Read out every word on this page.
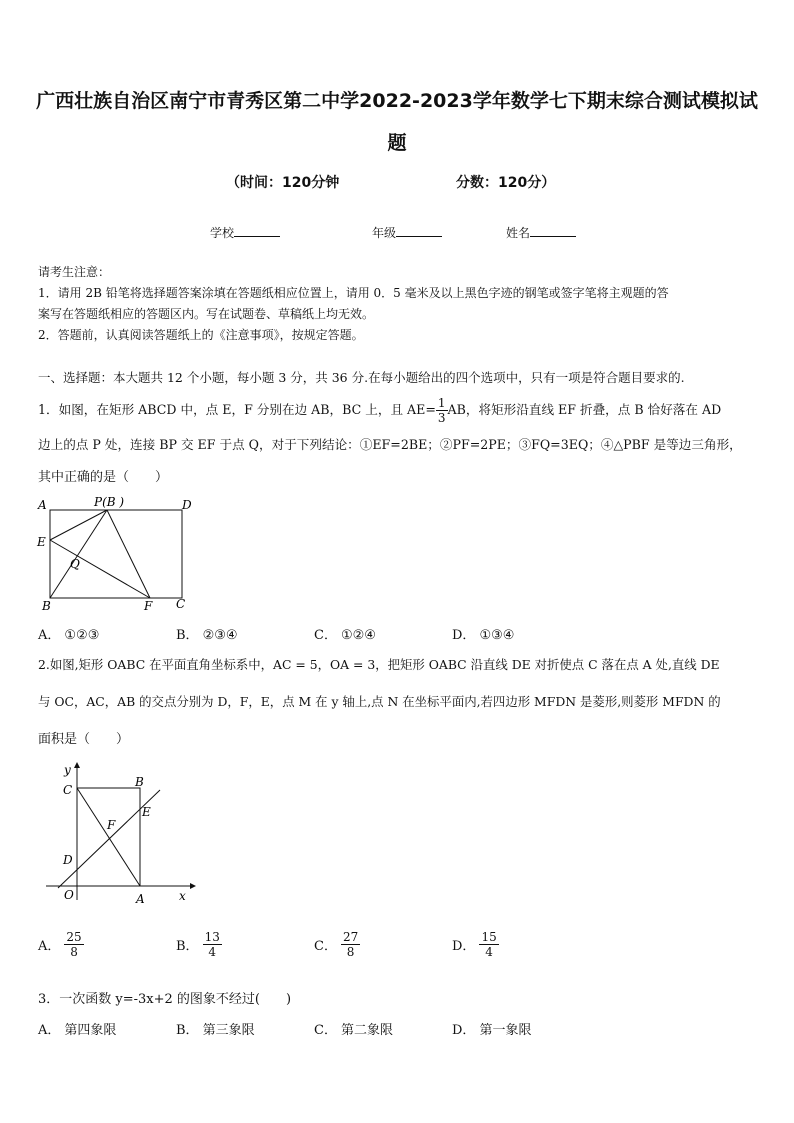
广西壮族自治区南宁市青秀区第二中学2022-2023学年数学七下期末综合测试模拟试
题
（时间：120分钟	分数：120分）
学校	年级	姓名
请考生注意：
1．请用 2B 铅笔将选择题答案涂填在答题纸相应位置上，请用 0．5 毫米及以上黑色字迹的钢笔或签字笔将主观题的答
案写在答题纸相应的答题区内。写在试题卷、草稿纸上均无效。
2．答题前，认真阅读答题纸上的《注意事项》，按规定答题。
一、选择题：本大题共 12 个小题，每小题 3 分，共 36 分.在每小题给出的四个选项中，只有一项是符合题目要求的.
1．如图，在矩形 ABCD 中，点 E，F 分别在边 AB，BC 上，且 $AE= \frac{1}{3}$ AB，将矩形沿直线 EF 折叠，点 B 恰好落在 AD
边上的点 P 处，连接 BP 交 EF 于点 Q，对于下列结论：①EF=2BE；②PF=2PE；③FQ=3EQ；④△PBF 是等边三角形，
其中正确的是（　　）
A	P(B )	D
E
Q
B	F C
A． ①②③	B． ②③④	C． ①②④	D． ①③④
2.如图,矩形 OABC 在平面直角坐标系中，AC = 5，OA = 3，把矩形 OABC 沿直线 DE 对折使点 C 落在点 A 处,直线 DE
与 OC，AC，AB 的交点分别为 D，F，E，点 M 在 y 轴上,点 N 在坐标平面内,若四边形 MFDN 是菱形,则菱形 MFDN 的
面积是（　　）
y
x
C
B
E
F
D
O	A
A． $\frac{25}{8}$	B． $\frac{13}{4}$	C． $\frac{27}{8}$	D． $\frac{15}{4}$
3．一次函数 y=-3x+2 的图象不经过(　　)
A． 第四象限	B． 第三象限	C． 第二象限	D． 第一象限
